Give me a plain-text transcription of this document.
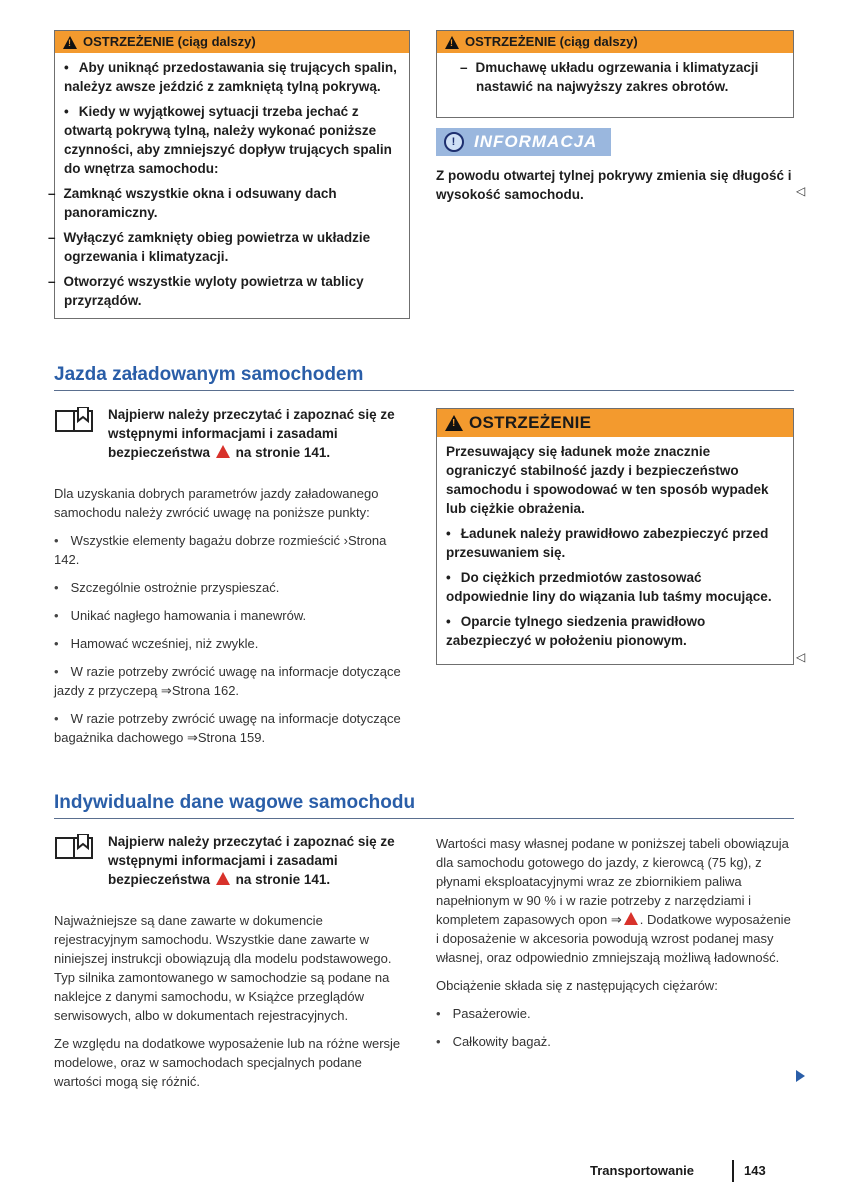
!
OSTRZEŻENIE (ciąg dalszy)

• Aby uniknąć przedostawania się trujących spalin, należyz awsze jeździć z zamkniętą tylną pokrywą.

• Kiedy w wyjątkowej sytuacji trzeba jechać z otwartą pokrywą tylną, należy wykonać poniższe czynności, aby zmniejszyć dopływ trujących spalin do wnętrza samochodu:

– Zamknąć wszystkie okna i odsuwany dach panoramiczny.

– Wyłączyć zamknięty obieg powietrza w układzie ogrzewania i klimatyzacji.

– Otworzyć wszystkie wyloty powietrza w tablicy przyrządów.

!
OSTRZEŻENIE (ciąg dalszy)

– Dmuchawę układu ogrzewania i klimatyzacji nastawić na najwyższy zakres obrotów.

!	INFORMACJA
Z powodu otwartej tylnej pokrywy zmienia się długość i wysokość samochodu.	◁
Jazda załadowanym samochodem
Najpierw należy przeczytać i zapoznać się ze wstępnymi informacjami i zasadami bezpieczeństwa na stronie 141.

Dla uzyskania dobrych parametrów jazdy załadowanego samochodu należy zwrócić uwagę na poniższe punkty:

• Wszystkie elementy bagażu dobrze rozmieścić ›Strona 142.

• Szczególnie ostrożnie przyspieszać.

• Unikać nagłego hamowania i manewrów.

• Hamować wcześniej, niż zwykle.

• W razie potrzeby zwrócić uwagę na informacje dotyczące jazdy z przyczepą ⇒Strona 162.

• W razie potrzeby zwrócić uwagę na informacje dotyczące bagażnika dachowego ⇒Strona 159.

!
OSTRZEŻENIE

Przesuwający się ładunek może znacznie ograniczyć stabilność jazdy i bezpieczeństwo samochodu i spowodować w ten sposób wypadek lub ciężkie obrażenia.

• Ładunek należy prawidłowo zabezpieczyć przed przesuwaniem się.

• Do ciężkich przedmiotów zastosować odpowiednie liny do wiązania lub taśmy mocujące.

• Oparcie tylnego siedzenia prawidłowo zabezpieczyć w położeniu pionowym.

◁
Indywidualne dane wagowe samochodu
Najpierw należy przeczytać i zapoznać się ze wstępnymi informacjami i zasadami bezpieczeństwa na stronie 141.

Najważniejsze są dane zawarte w dokumencie rejestracyjnym samochodu. Wszystkie dane zawarte w niniejszej instrukcji obowiązują dla modelu podstawowego. Typ silnika zamontowanego w samochodzie są podane na naklejce z danymi samochodu, w Książce przeglądów serwisowych, albo w dokumentach rejestracyjnych.

Ze względu na dodatkowe wyposażenie lub na różne wersje modelowe, oraz w samochodach specjalnych podane wartości mogą się różnić.

Wartości masy własnej podane w poniższej tabeli obowiązuja dla samochodu gotowego do jazdy, z kierowcą (75 kg), z płynami eksploatacyjnymi wraz ze zbiornikiem paliwa napełnionym w 90 % i w razie potrzeby z narzędziami i kompletem zapasowych opon ⇒ . Dodatkowe wyposażenie i doposażenie w akcesoria powodują wzrost podanej masy własnej, oraz odpowiednio zmniejszają możliwą ładowność.

Obciążenie składa się z następujących ciężarów:

• Pasażerowie.

• Całkowity bagaż.

Transportowanie	143
